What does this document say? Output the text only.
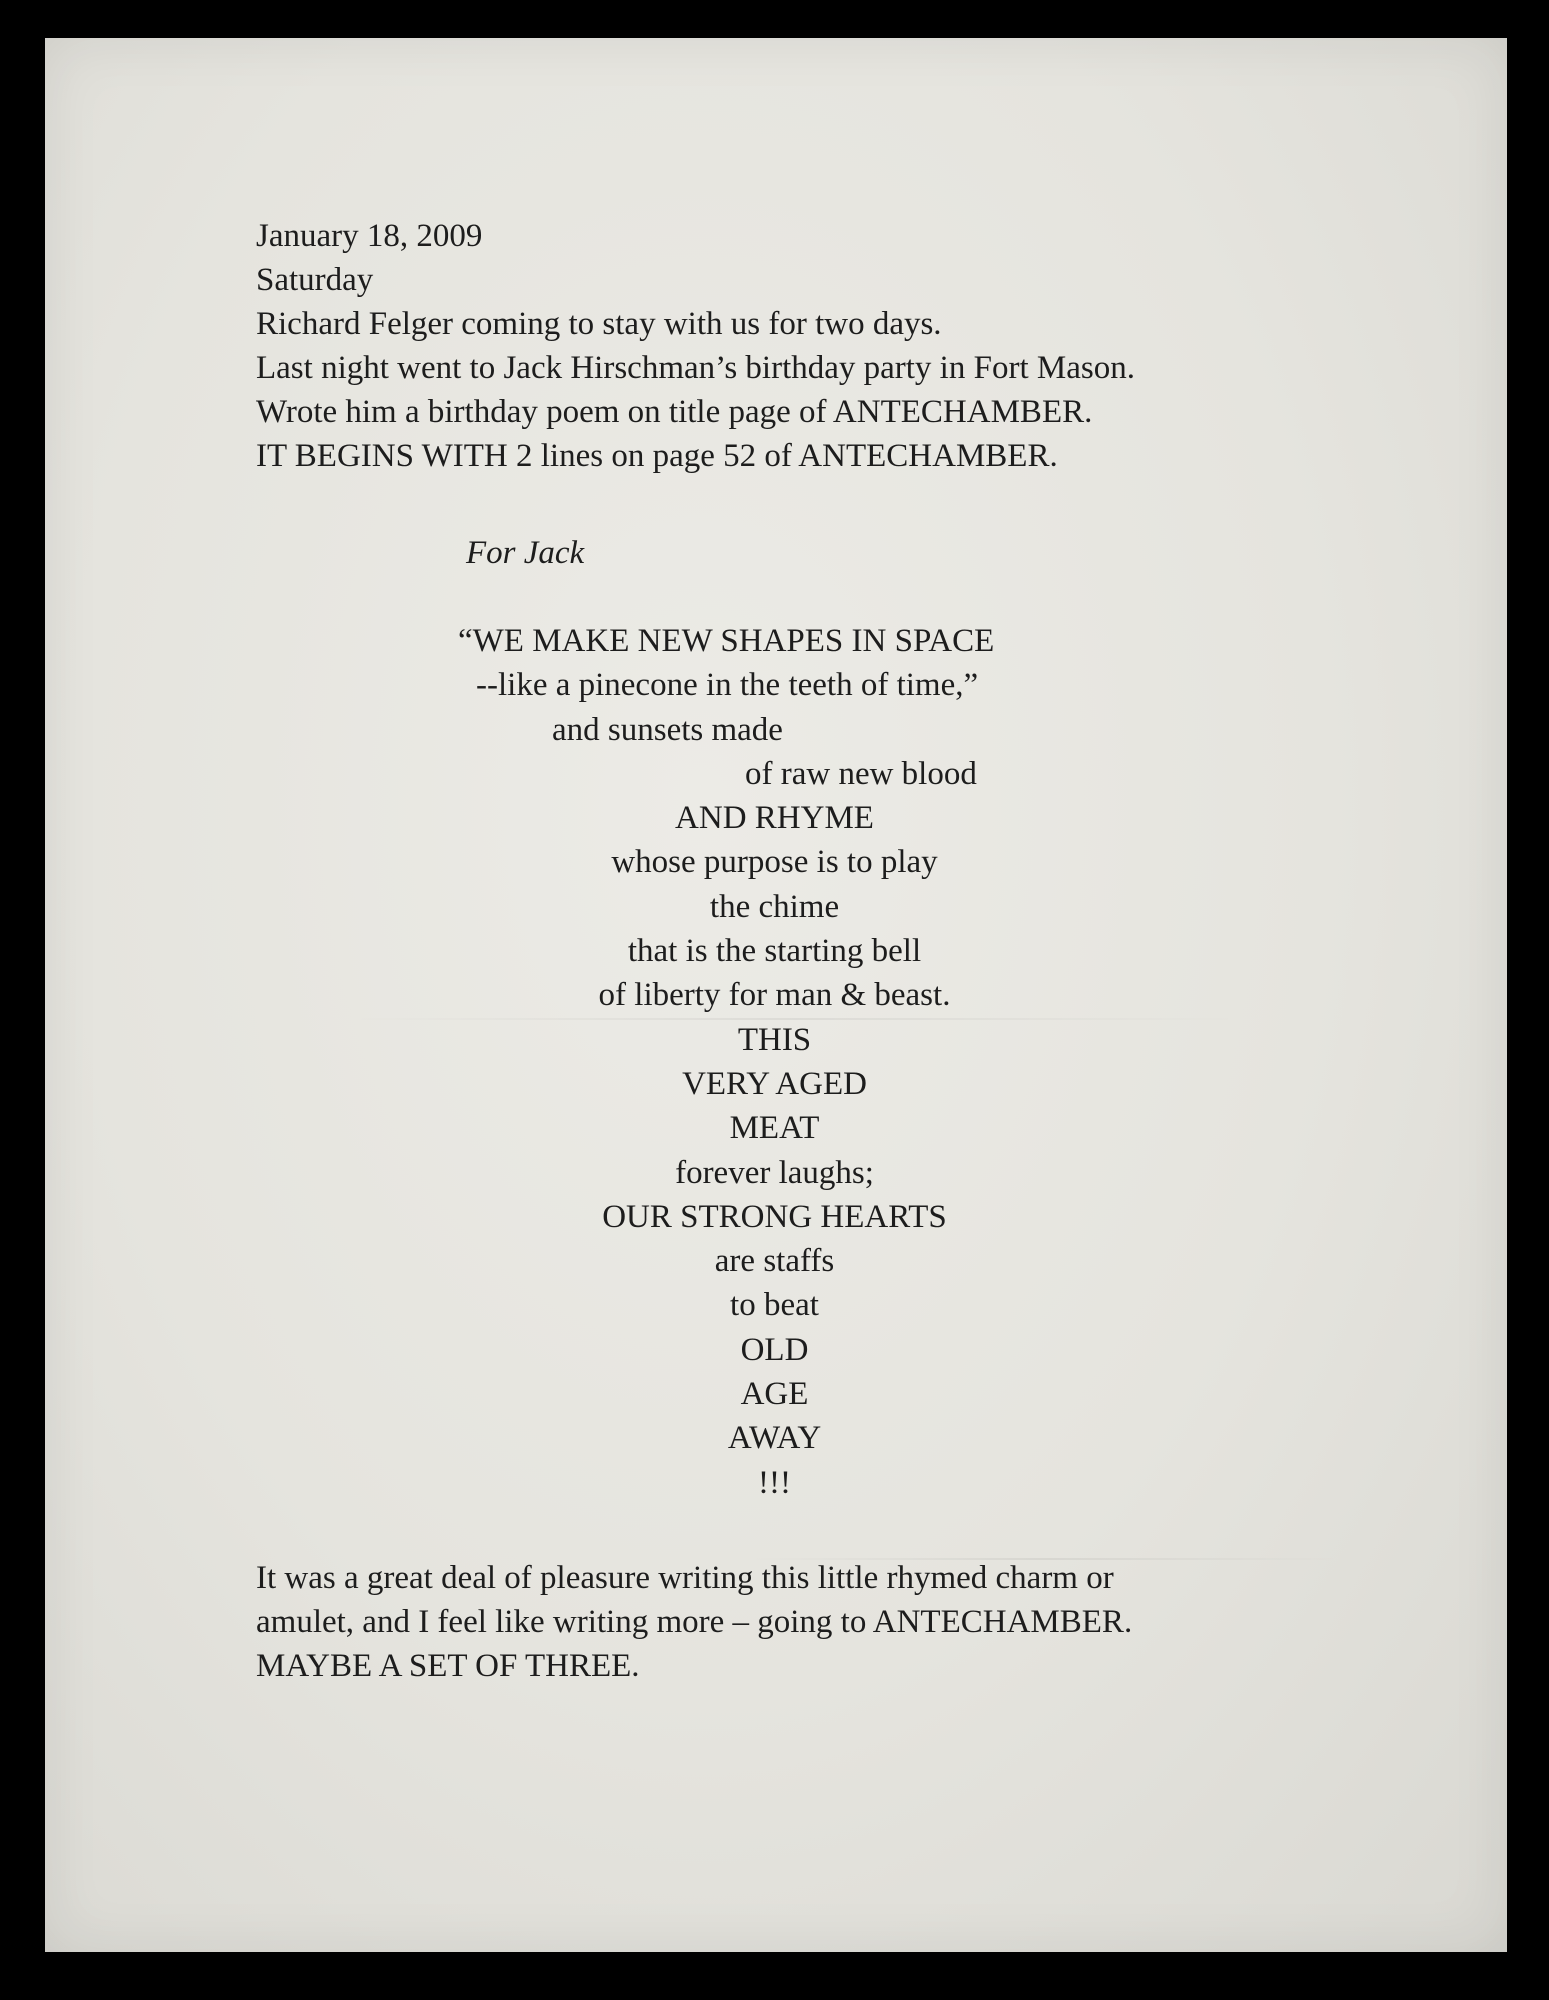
January 18, 2009
Saturday
Richard Felger coming to stay with us for two days.
Last night went to Jack Hirschman’s birthday party in Fort Mason.
Wrote him a birthday poem on title page of ANTECHAMBER.
IT BEGINS WITH 2 lines on page 52 of ANTECHAMBER.
For Jack
“WE MAKE NEW SHAPES IN SPACE
--like a pinecone in the teeth of time,”
and sunsets made
of raw new blood
AND RHYME
whose purpose is to play
the chime
that is the starting bell
of liberty for man & beast.
THIS
VERY AGED
MEAT
forever laughs;
OUR STRONG HEARTS
are staffs
to beat
OLD
AGE
AWAY
!!!
It was a great deal of pleasure writing this little rhymed charm or
amulet, and I feel like writing more – going to ANTECHAMBER.
MAYBE A SET OF THREE.
